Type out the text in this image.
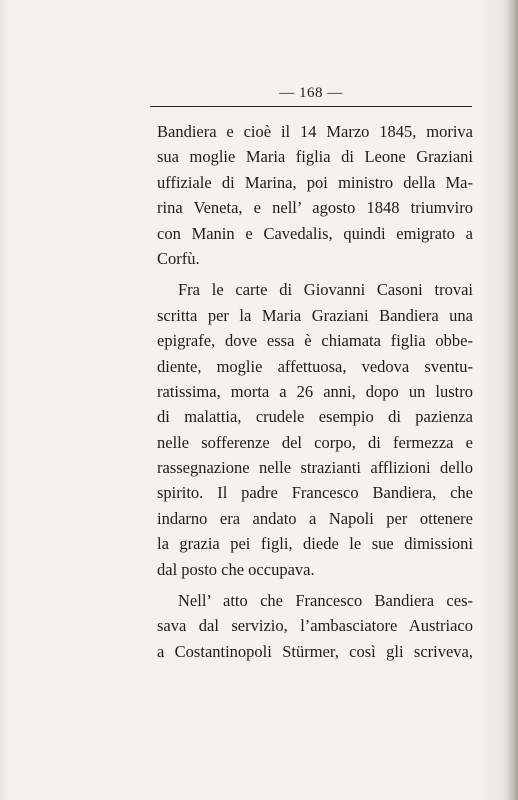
— 168 —
Bandiera e cioè il 14 Marzo 1845, moriva
sua moglie Maria figlia di Leone Graziani
uffiziale di Marina, poi ministro della Ma-
rina Veneta, e nell’ agosto 1848 triumviro
con Manin e Cavedalis, quindi emigrato a
Corfù.
Fra le carte di Giovanni Casoni trovai
scritta per la Maria Graziani Bandiera una
epigrafe, dove essa è chiamata figlia obbe-
diente, moglie affettuosa, vedova sventu-
ratissima, morta a 26 anni, dopo un lustro
di malattia, crudele esempio di pazienza
nelle sofferenze del corpo, di fermezza e
rassegnazione nelle strazianti afflizioni dello
spirito. Il padre Francesco Bandiera, che
indarno era andato a Napoli per ottenere
la grazia pei figli, diede le sue dimissioni
dal posto che occupava.
Nell’ atto che Francesco Bandiera ces-
sava dal servizio, l’ambasciatore Austriaco
a Costantinopoli Stürmer, così gli scriveva,
